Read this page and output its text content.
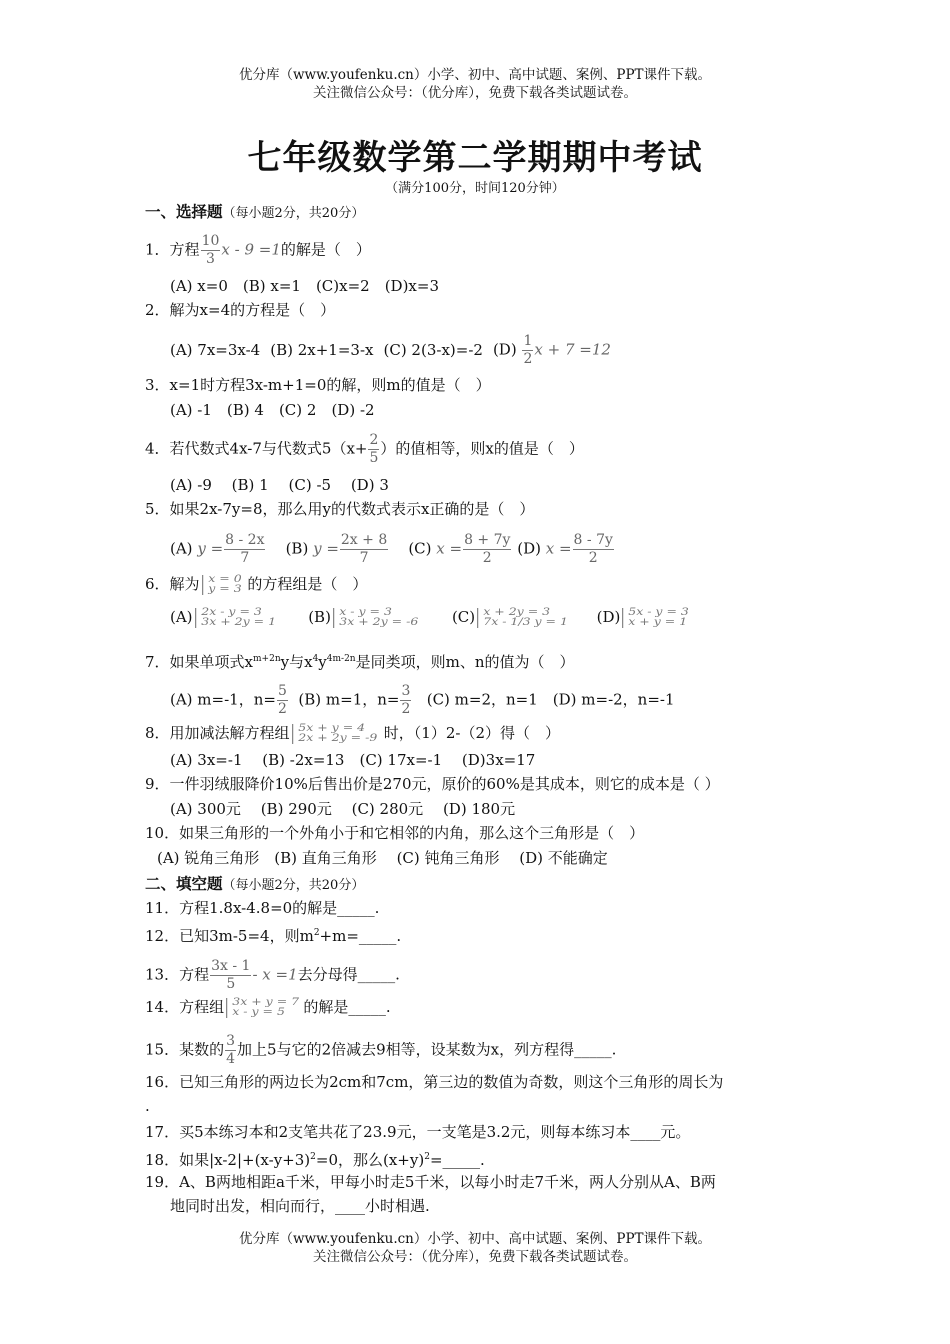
优分库（www.youfenku.cn）小学、初中、高中试题、案例、PPT课件下载。
关注微信公众号：（优分库），免费下载各类试题试卷。
七年级数学第二学期期中考试
（满分100分，时间120分钟）
一、选择题（每小题2分，共20分）
1．方程 $\frac{10}{3}$ x - 9 =1的解是（　）
(A) x=0　(B) x=1　(C)x=2　(D)x=3
2．解为x=4的方程是（　）
(A) 7x=3x-4 (B) 2x+1=3-x (C) 2(3-x)=-2 $(D) \frac{1}{2}$ x + 7 =12
3．x=1时方程3x-m+1=0的解，则m的值是（　）
(A) -1　(B) 4　(C) 2　(D) -2
4．若代数式4x-7与代数式$5(x+ \frac{2}{5}$ ）的值相等，则x的值是（　）
(A) -9　 (B) 1　 (C) -5　 (D) 3
5．如果2x-7y=8，那么用y的代数式表示x正确的是（　）
(A) $y = \frac{8 - 2x}{7} (B) y = \frac{2x + 8}{7} (C) x = \frac{8 + 7y}{2} (D) x = \frac{8 - 7y}{2}$
6．解为 x = 0
y = 3 的方程组是（　）
(A) 2x - y = 3
3x + 2y = 1 (B) x - y = 3
3x + 2y = -6 (C) x + 2y = 3
7x - 1/3 y = 1 (D) 5x - y = 3
x + y = 1
7．如果单项式$x^{m+2n}y$与$x^4y^{4m-2n}$是同类项，则m、n的值为（　）
(A) m=-1，$n= \frac{5}{2} (B)$ m=1，$n= \frac{3}{2} (C)$ m=2，n=1　(D) m=-2，n=-1
8．用加减法解方程组 5x + y = 4
2x + 2y = -9 时，（1）2-（2）得（　）
(A) 3x=-1　 (B) -2x=13　(C) 17x=-1　 (D)3x=17
9．一件羽绒服降价10%后售出价是270元，原价的60%是其成本，则它的成本是（ ）
(A) 300元　 (B) 290元　 (C) 280元　 (D) 180元
10．如果三角形的一个外角小于和它相邻的内角，那么这个三角形是（　）
(A) 锐角三角形　(B) 直角三角形　 (C) 钝角三角形　 (D) 不能确定
二、填空题（每小题2分，共20分）
11．方程1.8x-4.8=0的解是_____.
12．已知3m-5=4，则$m^2+m=\_\_\_\_\_$.
13．方程 $\frac{3x - 1}{5} - x =1$去分母得_____.
14．方程组 3x + y = 7
x - y = 5 的解是_____.
15．某数的 $\frac{3}{4}$ 加上5与它的2倍减去9相等，设某数为x，列方程得_____.
16．已知三角形的两边长为2cm和7cm，第三边的数值为奇数，则这个三角形的周长为
.
17．买5本练习本和2支笔共花了23.9元，一支笔是3.2元，则每本练习本____元。
18．如果$|x-2|+(x-y+3)^2=0$，那么$(x+y)^2=\_\_\_\_\_$.
19．A、B两地相距a千米，甲每小时走5千米，以每小时走7千米，两人分别从A、B两
地同时出发，相向而行，____小时相遇.
优分库（www.youfenku.cn）小学、初中、高中试题、案例、PPT课件下载。
关注微信公众号：（优分库），免费下载各类试题试卷。
